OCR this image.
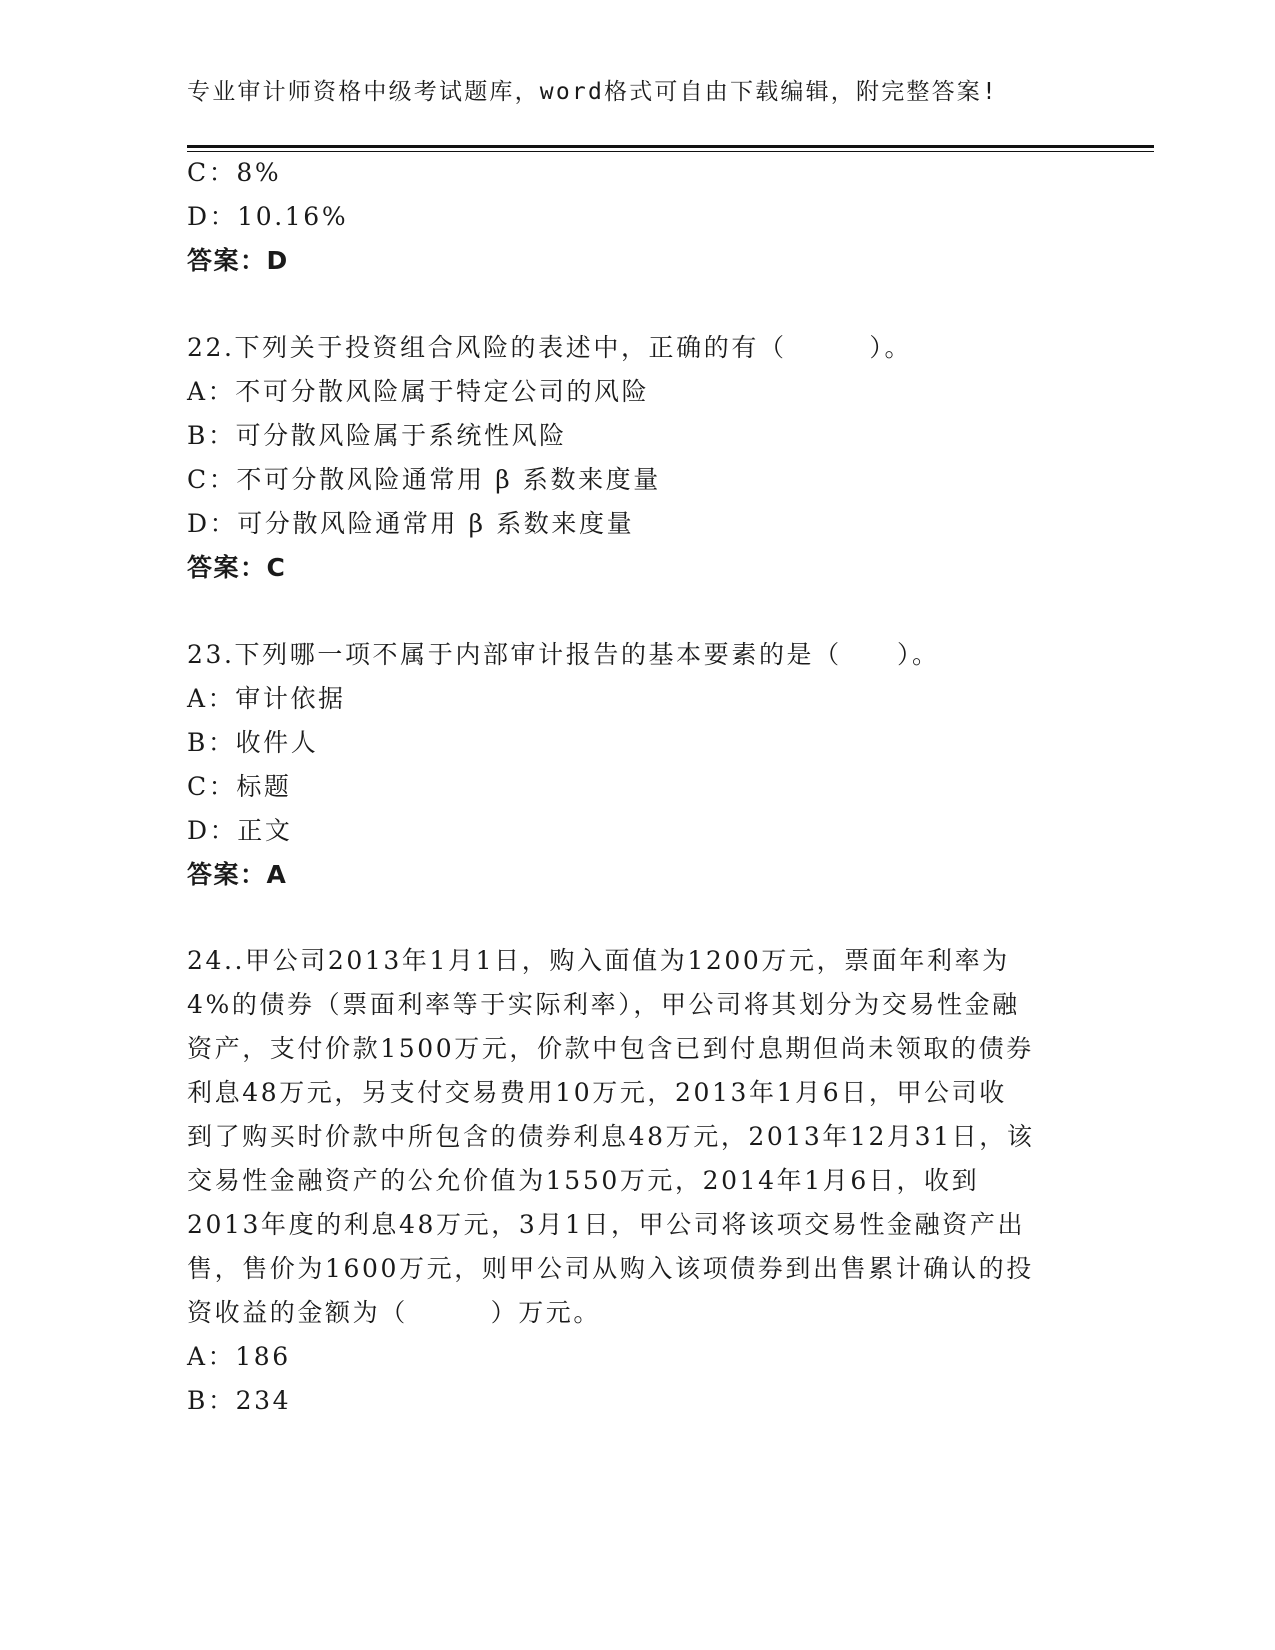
专业审计师资格中级考试题库，word格式可自由下载编辑，附完整答案!
C：8%
D：10.16%
答案：D
22.下列关于投资组合风险的表述中，正确的有（　　　）。
A：不可分散风险属于特定公司的风险
B：可分散风险属于系统性风险
C：不可分散风险通常用 β 系数来度量
D：可分散风险通常用 β 系数来度量
答案：C
23.下列哪一项不属于内部审计报告的基本要素的是（　　）。
A：审计依据
B：收件人
C：标题
D：正文
答案：A
24..甲公司2013年1月1日，购入面值为1200万元，票面年利率为
4%的债券（票面利率等于实际利率），甲公司将其划分为交易性金融
资产，支付价款1500万元，价款中包含已到付息期但尚未领取的债券
利息48万元，另支付交易费用10万元，2013年1月6日，甲公司收
到了购买时价款中所包含的债券利息48万元，2013年12月31日，该
交易性金融资产的公允价值为1550万元，2014年1月6日，收到
2013年度的利息48万元，3月1日，甲公司将该项交易性金融资产出
售，售价为1600万元，则甲公司从购入该项债券到出售累计确认的投
资收益的金额为（　　　）万元。
A：186
B：234
